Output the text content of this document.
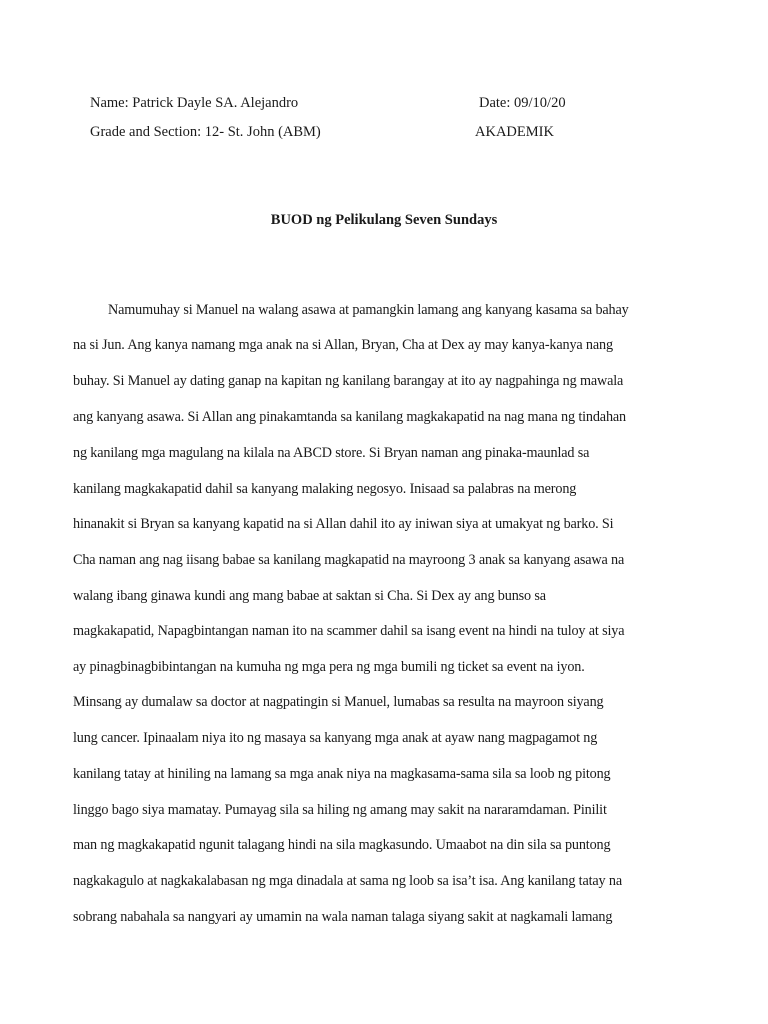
Name: Patrick Dayle SA. Alejandro	Date: 09/10/20
Grade and Section: 12- St. John (ABM)	AKADEMIK
BUOD ng Pelikulang Seven Sundays
Namumuhay si Manuel na walang asawa at pamangkin lamang ang kanyang kasama sa bahay
na si Jun. Ang kanya namang mga anak na si Allan, Bryan, Cha at Dex ay may kanya-kanya nang
buhay. Si Manuel ay dating ganap na kapitan ng kanilang barangay at ito ay nagpahinga ng mawala
ang kanyang asawa. Si Allan ang pinakamtanda sa kanilang magkakapatid na nag mana ng tindahan
ng kanilang mga magulang na kilala na ABCD store. Si Bryan naman ang pinaka-maunlad sa
kanilang magkakapatid dahil sa kanyang malaking negosyo. Inisaad sa palabras na merong
hinanakit si Bryan sa kanyang kapatid na si Allan dahil ito ay iniwan siya at umakyat ng barko. Si
Cha naman ang nag iisang babae sa kanilang magkapatid na mayroong 3 anak sa kanyang asawa na
walang ibang ginawa kundi ang mang babae at saktan si Cha. Si Dex ay ang bunso sa
magkakapatid, Napagbintangan naman ito na scammer dahil sa isang event na hindi na tuloy at siya
ay pinagbinagbibintangan na kumuha ng mga pera ng mga bumili ng ticket sa event na iyon.
Minsang ay dumalaw sa doctor at nagpatingin si Manuel, lumabas sa resulta na mayroon siyang
lung cancer. Ipinaalam niya ito ng masaya sa kanyang mga anak at ayaw nang magpagamot ng
kanilang tatay at hiniling na lamang sa mga anak niya na magkasama-sama sila sa loob ng pitong
linggo bago siya mamatay. Pumayag sila sa hiling ng amang may sakit na nararamdaman. Pinilit
man ng magkakapatid ngunit talagang hindi na sila magkasundo. Umaabot na din sila sa puntong
nagkakagulo at nagkakalabasan ng mga dinadala at sama ng loob sa isa’t isa. Ang kanilang tatay na
sobrang nabahala sa nangyari ay umamin na wala naman talaga siyang sakit at nagkamali lamang
